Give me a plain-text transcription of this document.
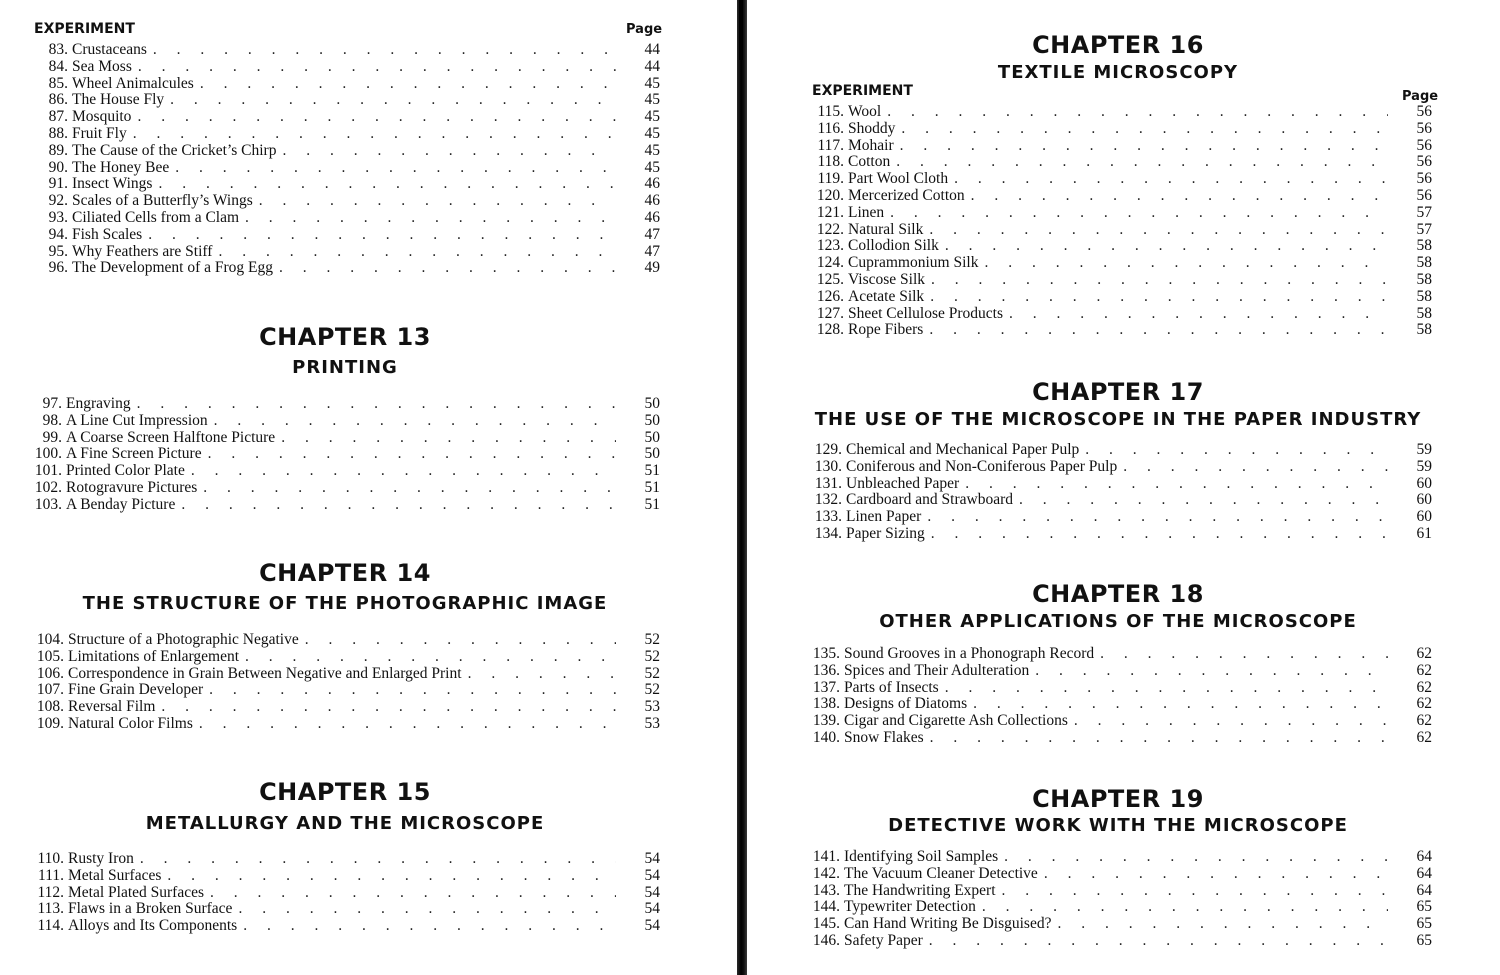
EXPERIMENT	Page
83. Crustaceans . . .	44
84. Sea Moss . . .	44
85. Wheel Animalcules . . .	45
86. The House Fly . . .	45
87. Mosquito . . .	45
88. Fruit Fly . . .	45
89. The Cause of the Cricket’s Chirp . . .	45
90. The Honey Bee . . .	45
91. Insect Wings . . .	46
92. Scales of a Butterfly’s Wings . . .	46
93. Ciliated Cells from a Clam . . .	46
94. Fish Scales . . .	47
95. Why Feathers are Stiff . . .	47
96. The Development of a Frog Egg . . .	49
CHAPTER 13
PRINTING
97. Engraving . . .	50
98. A Line Cut Impression . . .	50
99. A Coarse Screen Halftone Picture . . .	50
100. A Fine Screen Picture . . .	50
101. Printed Color Plate . . .	51
102. Rotogravure Pictures . . .	51
103. A Benday Picture . . .	51
CHAPTER 14
THE STRUCTURE OF THE PHOTOGRAPHIC IMAGE
104. Structure of a Photographic Negative . . .	52
105. Limitations of Enlargement . . .	52
106. Correspondence in Grain Between Negative and Enlarged Print . . .	52
107. Fine Grain Developer . . .	52
108. Reversal Film . . .	53
109. Natural Color Films . . .	53
CHAPTER 15
METALLURGY AND THE MICROSCOPE
110. Rusty Iron . . .	54
111. Metal Surfaces . . .	54
112. Metal Plated Surfaces . . .	54
113. Flaws in a Broken Surface . . .	54
114. Alloys and Its Components . . .	54
CHAPTER 16
TEXTILE MICROSCOPY
EXPERIMENT	Page
115. Wool . . .	56
116. Shoddy . . .	56
117. Mohair . . .	56
118. Cotton . . .	56
119. Part Wool Cloth . . .	56
120. Mercerized Cotton . . .	56
121. Linen . . .	57
122. Natural Silk . . .	57
123. Collodion Silk . . .	58
124. Cuprammonium Silk . . .	58
125. Viscose Silk . . .	58
126. Acetate Silk . . .	58
127. Sheet Cellulose Products . . .	58
128. Rope Fibers . . .	58
CHAPTER 17
THE USE OF THE MICROSCOPE IN THE PAPER INDUSTRY
129. Chemical and Mechanical Paper Pulp . . .	59
130. Coniferous and Non-Coniferous Paper Pulp . . .	59
131. Unbleached Paper . . .	60
132. Cardboard and Strawboard . . .	60
133. Linen Paper . . .	60
134. Paper Sizing . . .	61
CHAPTER 18
OTHER APPLICATIONS OF THE MICROSCOPE
135. Sound Grooves in a Phonograph Record . . .	62
136. Spices and Their Adulteration . . .	62
137. Parts of Insects . . .	62
138. Designs of Diatoms . . .	62
139. Cigar and Cigarette Ash Collections . . .	62
140. Snow Flakes . . .	62
CHAPTER 19
DETECTIVE WORK WITH THE MICROSCOPE
141. Identifying Soil Samples . . .	64
142. The Vacuum Cleaner Detective . . .	64
143. The Handwriting Expert . . .	64
144. Typewriter Detection . . .	65
145. Can Hand Writing Be Disguised? . . .	65
146. Safety Paper . . .	65
